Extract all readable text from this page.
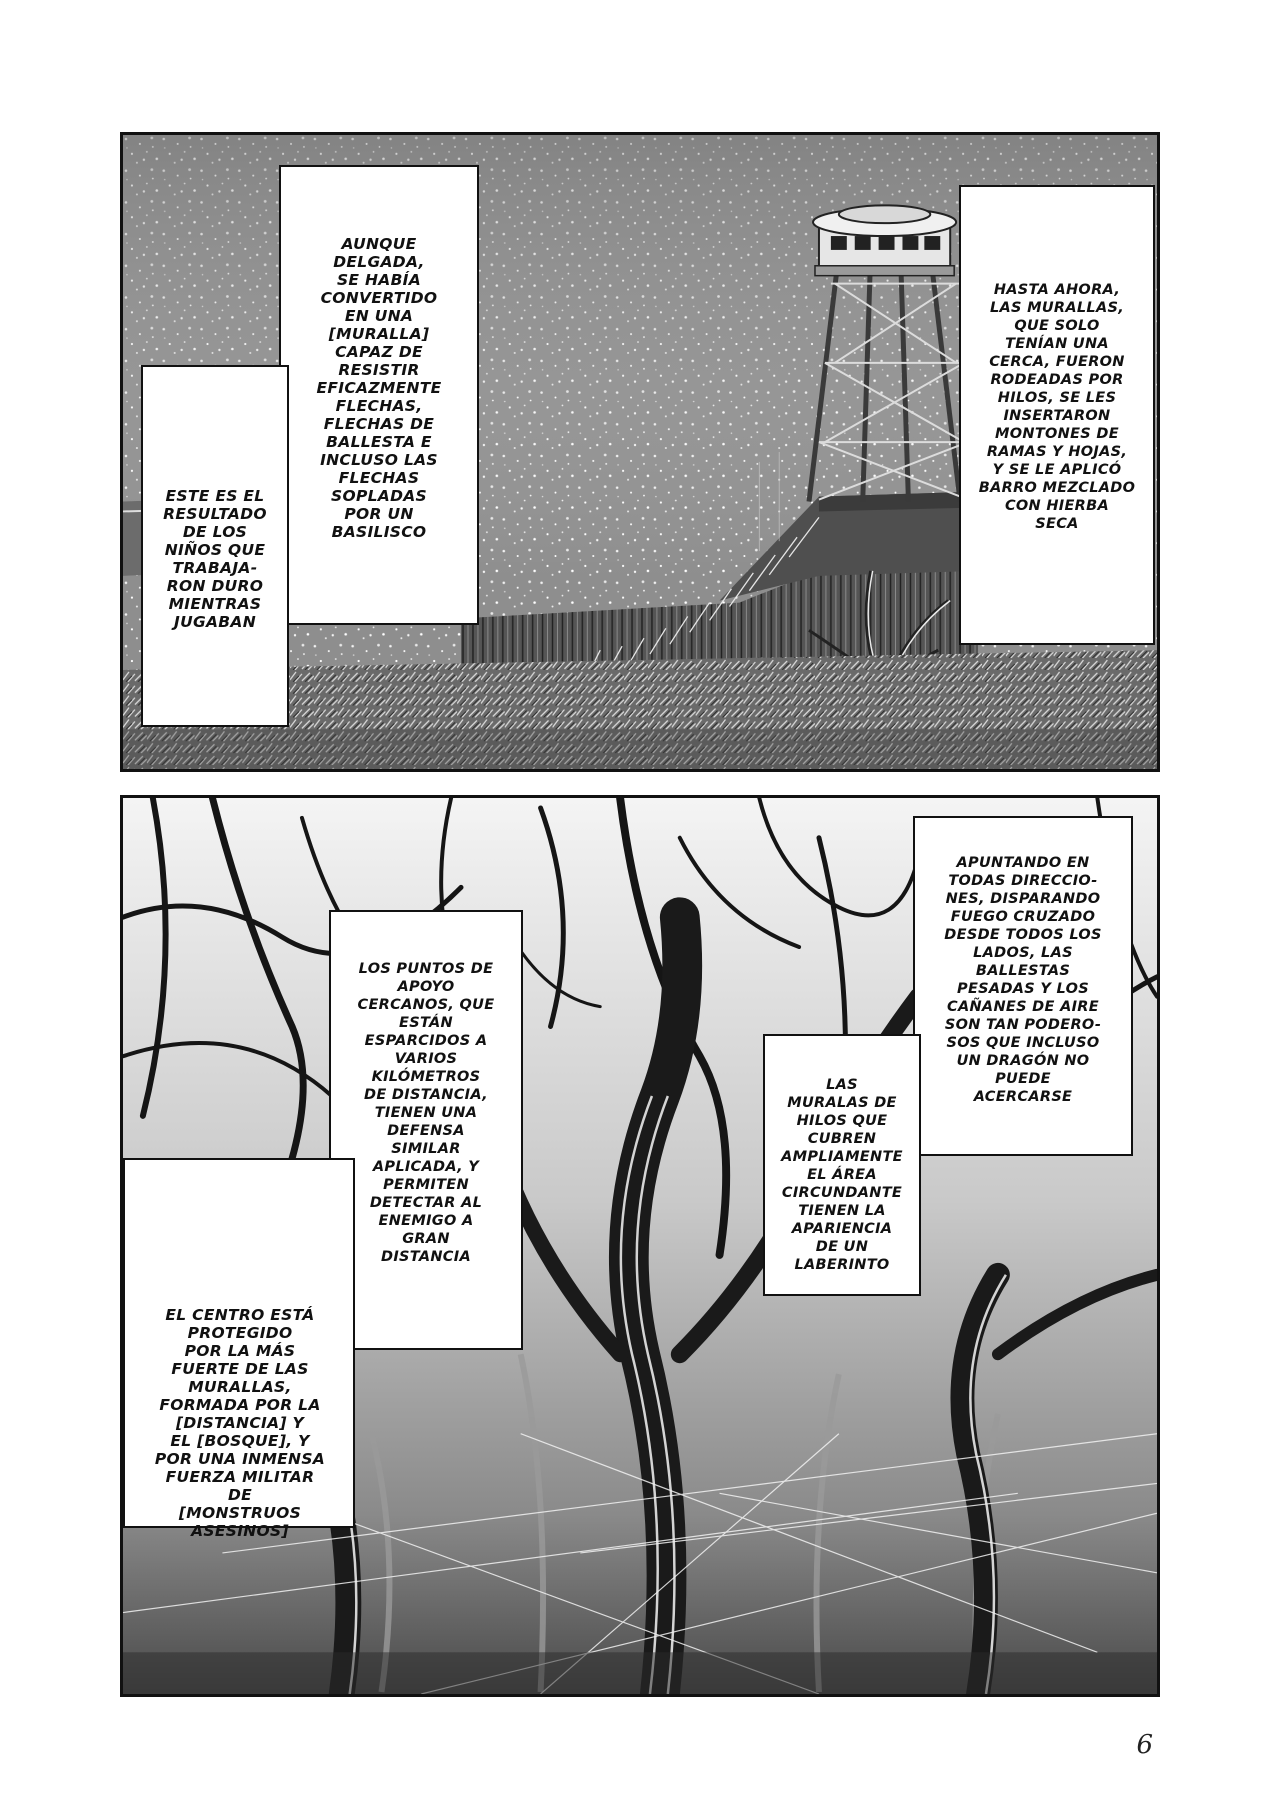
AUNQUE
DELGADA,
SE HABÍA
CONVERTIDO
EN UNA
[MURALLA]
CAPAZ DE
RESISTIR
EFICAZMENTE
FLECHAS,
FLECHAS DE
BALLESTA E
INCLUSO LAS
FLECHAS
SOPLADAS
POR UN
BASILISCO

ESTE ES EL
RESULTADO
DE LOS
NIÑOS QUE
TRABAJA-
RON DURO
MIENTRAS
JUGABAN

HASTA AHORA,
LAS MURALLAS,
QUE SOLO
TENÍAN UNA
CERCA, FUERON
RODEADAS POR
HILOS, SE LES
INSERTARON
MONTONES DE
RAMAS Y HOJAS,
Y SE LE APLICÓ
BARRO MEZCLADO
CON HIERBA
SECA

LOS PUNTOS DE
APOYO
CERCANOS, QUE
ESTÁN
ESPARCIDOS A
VARIOS
KILÓMETROS
DE DISTANCIA,
TIENEN UNA
DEFENSA
SIMILAR
APLICADA, Y
PERMITEN
DETECTAR AL
ENEMIGO A
GRAN
DISTANCIA

EL CENTRO ESTÁ
PROTEGIDO
POR LA MÁS
FUERTE DE LAS
MURALLAS,
FORMADA POR LA
[DISTANCIA] Y
EL [BOSQUE], Y
POR UNA INMENSA
FUERZA MILITAR
DE
[MONSTRUOS
ASESINOS]

APUNTANDO EN
TODAS DIRECCIO-
NES, DISPARANDO
FUEGO CRUZADO
DESDE TODOS LOS
LADOS, LAS
BALLESTAS
PESADAS Y LOS
CAÑANES DE AIRE
SON TAN PODERO-
SOS QUE INCLUSO
UN DRAGÓN NO
PUEDE
ACERCARSE

LAS
MURALAS DE
HILOS QUE
CUBREN
AMPLIAMENTE
EL ÁREA
CIRCUNDANTE
TIENEN LA
APARIENCIA
DE UN
LABERINTO

6
